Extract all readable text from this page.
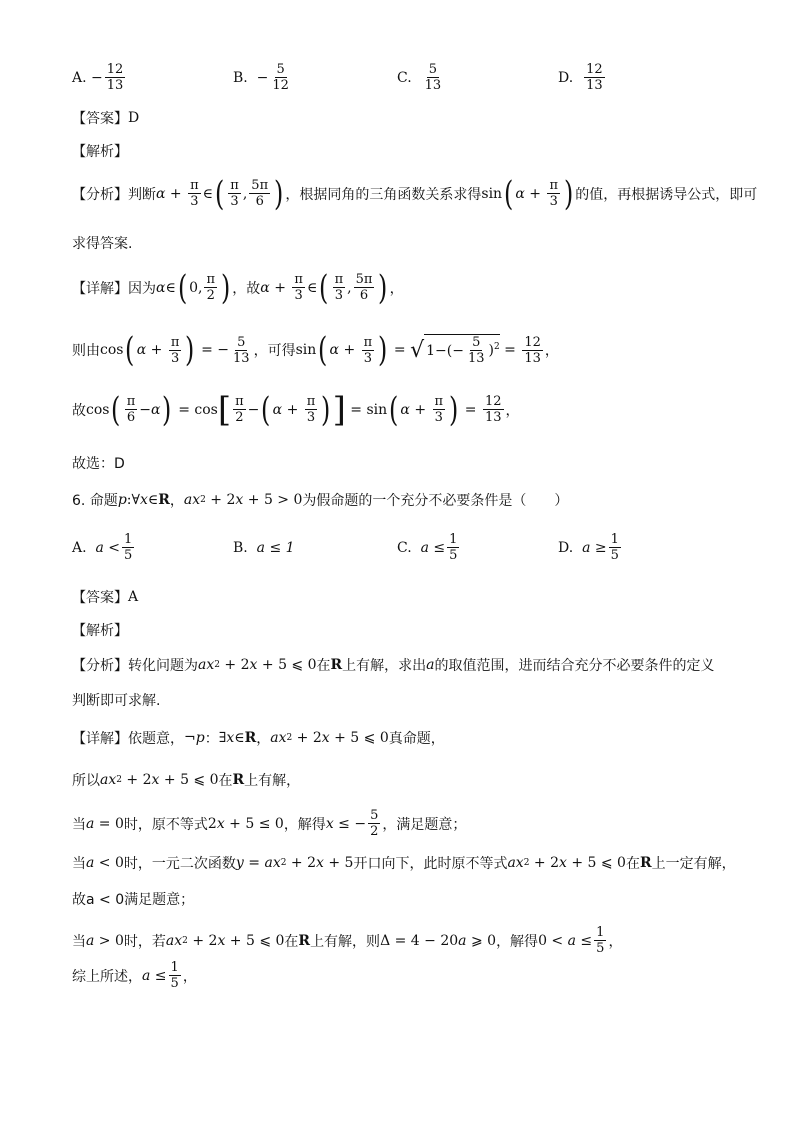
A.
− $\frac{12}{13}$	B.
− $\frac{5}{12}$	C.
$\frac{5}{13}$	D.
$\frac{12}{13}$
【答案】 D
【解析】
【分析】 判断 $\alpha + \frac{\pi}{3}$ ∈ ( $\frac{\pi}{3}$ , $\frac{5\pi}{6}$ ) ，根据同角的三角函数关系求得 sin ( $\alpha + \frac{\pi}{3}$ ) 的值，再根据诱导公式，即可
求得答案.
【详解】 因为 α ∈ ( 0, $\frac{\pi}{2}$ ) ，故 $\alpha + \frac{\pi}{3}$ ∈ ( $\frac{\pi}{3}$ , $\frac{5\pi}{6}$ ) ，
则由 cos ( $\alpha + \frac{\pi}{3}$ ) = − $\frac{5}{13}$ ，可得 sin ( $\alpha + \frac{\pi}{3}$ ) = √ $1-(- \frac{5}{13} )^2 = \frac{12}{13}$ ，
故 cos ( $\frac{\pi}{6} - \alpha$ ) = cos [ $\frac{\pi}{2}$ − ( $\alpha + \frac{\pi}{3}$ ) ] = sin ( $\alpha + \frac{\pi}{3}$ ) = $\frac{12}{13}$ ，
故选：D
6. 命题 p :∀ x ∈ R ， ax 2 + 2 x + 5 > 0 为假命题的一个充分不必要条件是（　　）
A.
$a < \frac{1}{5}$	B.
a ≤ 1	C.
$a \le \frac{1}{5}$	D.
$a \ge \frac{1}{5}$
【答案】 A
【解析】
【分析】 转化问题为 ax 2 + 2 x + 5 ⩽ 0 在 R 上有解，求出 a 的取值范围，进而结合充分不必要条件的定义
判断即可求解.
【详解】 依题意， ¬ p ： ∃ x ∈ R ， ax 2 + 2 x + 5 ⩽ 0 真命题，
所以 ax 2 + 2 x + 5 ⩽ 0 在 R 上有解，
当 a = 0 时，原不等式 2 x + 5 ≤ 0 ，解得 x ≤ − $\frac{5}{2}$ ，满足题意；
当 a < 0 时，一元二次函数 y = ax 2 + 2 x + 5 开口向下，此时原不等式 ax 2 + 2 x + 5 ⩽ 0 在 R 上一定有解，
故a < 0满足题意；
当 a > 0 时，若 ax 2 + 2 x + 5 ⩽ 0 在 R 上有解，则 Δ = 4 − 20 a ⩾ 0 ，解得 $0 < a \le \frac{1}{5}$ ，
综上所述， $a \le \frac{1}{5}$ ，
